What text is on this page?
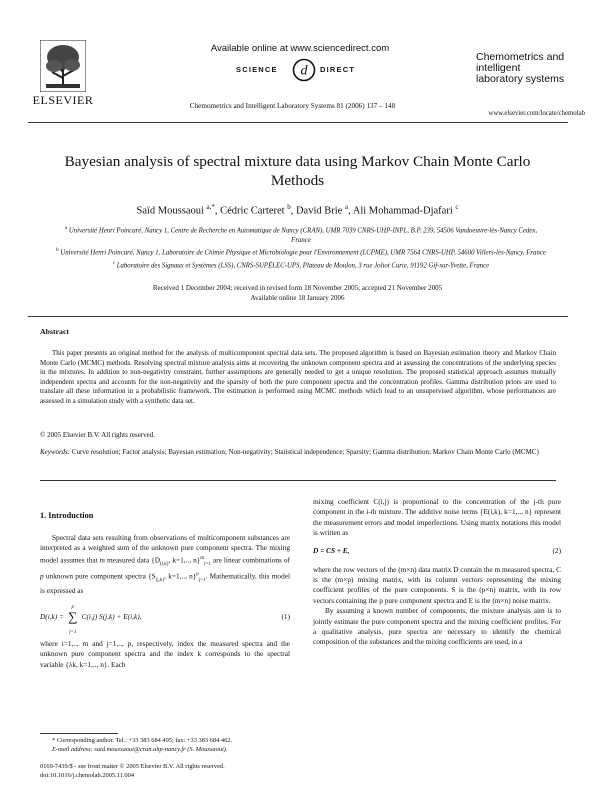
ELSEVIER
Available online at www.sciencedirect.com
SCIENCE d DIRECT
Chemometrics and Intelligent Laboratory Systems 81 (2006) 137 – 148
Chemometrics and
intelligent
laboratory systems
www.elsevier.com/locate/chemolab
Bayesian analysis of spectral mixture data using Markov Chain Monte Carlo Methods
Saïd Moussaoui $^{a,*}$, Cédric Carteret $^b$, David Brie $^a$, Ali Mohammad-Djafari $^c$
$^a$ Université Henri Poincaré, Nancy 1, Centre de Recherche en Automatique de Nancy (CRAN), UMR 7039 CNRS-UHP-INPL, B.P. 239, 54506 Vandoeuvre-lès-Nancy Cedex, France
$^b$ Université Henri Poincaré, Nancy 1, Laboratoire de Chimie Physique et Microbiologie pour l'Environnement (LCPME), UMR 7564 CNRS-UHP, 54600 Villers-lès-Nancy, France
$^c$ Laboratoire des Signaux et Systèmes (LSS), CNRS-SUPÉLEC-UPS, Plateau de Moulon, 3 rue Joliot Curie, 91192 Gif-sur-Yvette, France
Received 1 December 2004; received in revised form 18 November 2005; accepted 21 November 2005
Available online 18 January 2006
Abstract

This paper presents an original method for the analysis of multicomponent spectral data sets. The proposed algorithm is based on Bayesian estimation theory and Markov Chain Monte Carlo (MCMC) methods. Resolving spectral mixture analysis aims at recovering the unknown component spectra and at assessing the concentrations of the underlying species in the mixtures. In addition to non-negativity constraint, further assumptions are generally needed to get a unique resolution. The proposed statistical approach assumes mutually independent spectra and accounts for the non-negativity and the sparsity of both the pure component spectra and the concentration profiles. Gamma distribution priors are used to translate all these information in a probabilistic framework. The estimation is performed using MCMC methods which lead to an unsupervised algorithm, whose performances are assessed in a simulation study with a synthetic data set.

© 2005 Elsevier B.V. All rights reserved.
Keywords: Curve resolution; Factor analysis; Bayesian estimation; Non-negativity; Statistical independence; Sparsity; Gamma distribution; Markov Chain Monte Carlo (MCMC)
1. Introduction

Spectral data sets resulting from observations of multicomponent substances are interpreted as a weighted sum of the unknown pure component spectra. The mixing model assumes that m measured data {$D_{(i,k)}$, k=1,.., n}$^m_{i=1}$ are linear combinations of p unknown pure component spectra {$S_{(j,k)}$, k=1,.., n}$^p_{j=1}$. Mathematically, this model is expressed as

D(i,k) = ∑
p
j=1
C(i,j) S(j,k) + E(i,k),	(1)

where i=1,.., m and j=1,.., p, respectively, index the measured spectra and the unknown pure component spectra and the index k corresponds to the spectral variable {λk, k=1,.., n}. Each

* Corresponding author. Tel.: +33 383 684 495; fax: +33 383 684 462.

E-mail address: said.moussaoui@cran.uhp-nancy.fr (S. Moussaoui).

0169-7439/$ - see front matter © 2005 Elsevier B.V. All rights reserved.
doi:10.1016/j.chemolab.2005.11.004

mixing coefficient C(i,j) is proportional to the concentration of the j-th pure component in the i-th mixture. The additive noise terms {E(i,k), k=1,.., n} represent the measurement errors and model imperfections. Using matrix notations this model is written as

D = CS + E,	(2)

where the row vectors of the (m×n) data matrix D contain the m measured spectra, C is the (m×p) mixing matrix, with its column vectors representing the mixing coefficient profiles of the pure components. S is the (p×n) matrix, with its row vectors containing the p pure component spectra and E is the (m×n) noise matrix.

By assuming a known number of components, the mixture analysis aim is to jointly estimate the pure component spectra and the mixing coefficient profiles. For a qualitative analysis, pure spectra are necessary to identify the chemical composition of the substances and the mixing coefficients are used, in a
